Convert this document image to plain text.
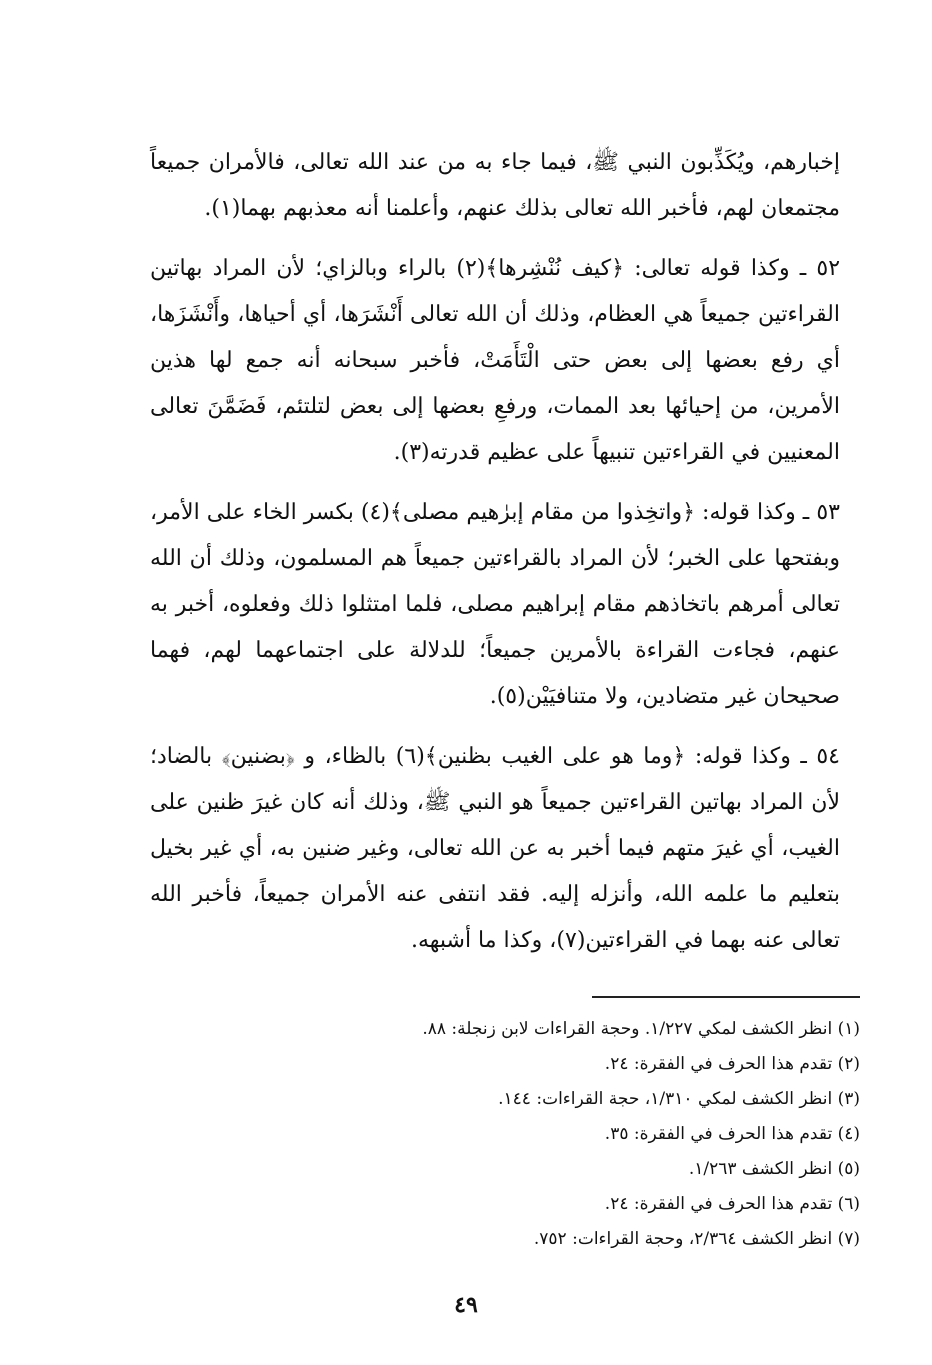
إخبارهم، ويُكَذِّبون النبي ﷺ، فيما جاء به من عند الله تعالى، فالأمران جميعاً مجتمعان لهم، فأخبر الله تعالى بذلك عنهم، وأعلمنا أنه معذبهم بهما(١).

٥٢ ـ وكذا قوله تعالى: ﴿كيف نُنْشِرها﴾(٢) بالراء وبالزاي؛ لأن المراد بهاتين القراءتين جميعاً هي العظام، وذلك أن الله تعالى أَنْشَرَها، أي أحياها، وأَنْشَزَها، أي رفع بعضها إلى بعض حتى الْتَأَمَتْ، فأخبر سبحانه أنه جمع لها هذين الأمرين، من إحيائها بعد الممات، ورفعِ بعضها إلى بعض لتلتئم، فَضَمَّنَ تعالى المعنيين في القراءتين تنبيهاً على عظيم قدرته(٣).

٥٣ ـ وكذا قوله: ﴿واتخِذوا من مقام إبرٰهيم مصلى﴾(٤) بكسر الخاء على الأمر، وبفتحها على الخبر؛ لأن المراد بالقراءتين جميعاً هم المسلمون، وذلك أن الله تعالى أمرهم باتخاذهم مقام إبراهيم مصلى، فلما امتثلوا ذلك وفعلوه، أخبر به عنهم، فجاءت القراءة بالأمرين جميعاً؛ للدلالة على اجتماعهما لهم، فهما صحيحان غير متضادين، ولا متنافيَيْن(٥).

٥٤ ـ وكذا قوله: ﴿وما هو على الغيب بظنين﴾(٦) بالظاء، و ﴿بضنين﴾ بالضاد؛ لأن المراد بهاتين القراءتين جميعاً هو النبي ﷺ، وذلك أنه كان غيرَ ظنين على الغيب، أي غيرَ متهم فيما أخبر به عن الله تعالى، وغير ضنين به، أي غير بخيل بتعليم ما علمه الله، وأنزله إليه. فقد انتفى عنه الأمران جميعاً، فأخبر الله تعالى عنه بهما في القراءتين(٧)، وكذا ما أشبهه.

(١) انظر الكشف لمكي ١/٢٢٧. وحجة القراءات لابن زنجلة: ٨٨.
(٢) تقدم هذا الحرف في الفقرة: ٢٤.
(٣) انظر الكشف لمكي ١/٣١٠، حجة القراءات: ١٤٤.
(٤) تقدم هذا الحرف في الفقرة: ٣٥.
(٥) انظر الكشف ١/٢٦٣.
(٦) تقدم هذا الحرف في الفقرة: ٢٤.
(٧) انظر الكشف ٢/٣٦٤، وحجة القراءات: ٧٥٢.
٤٩
